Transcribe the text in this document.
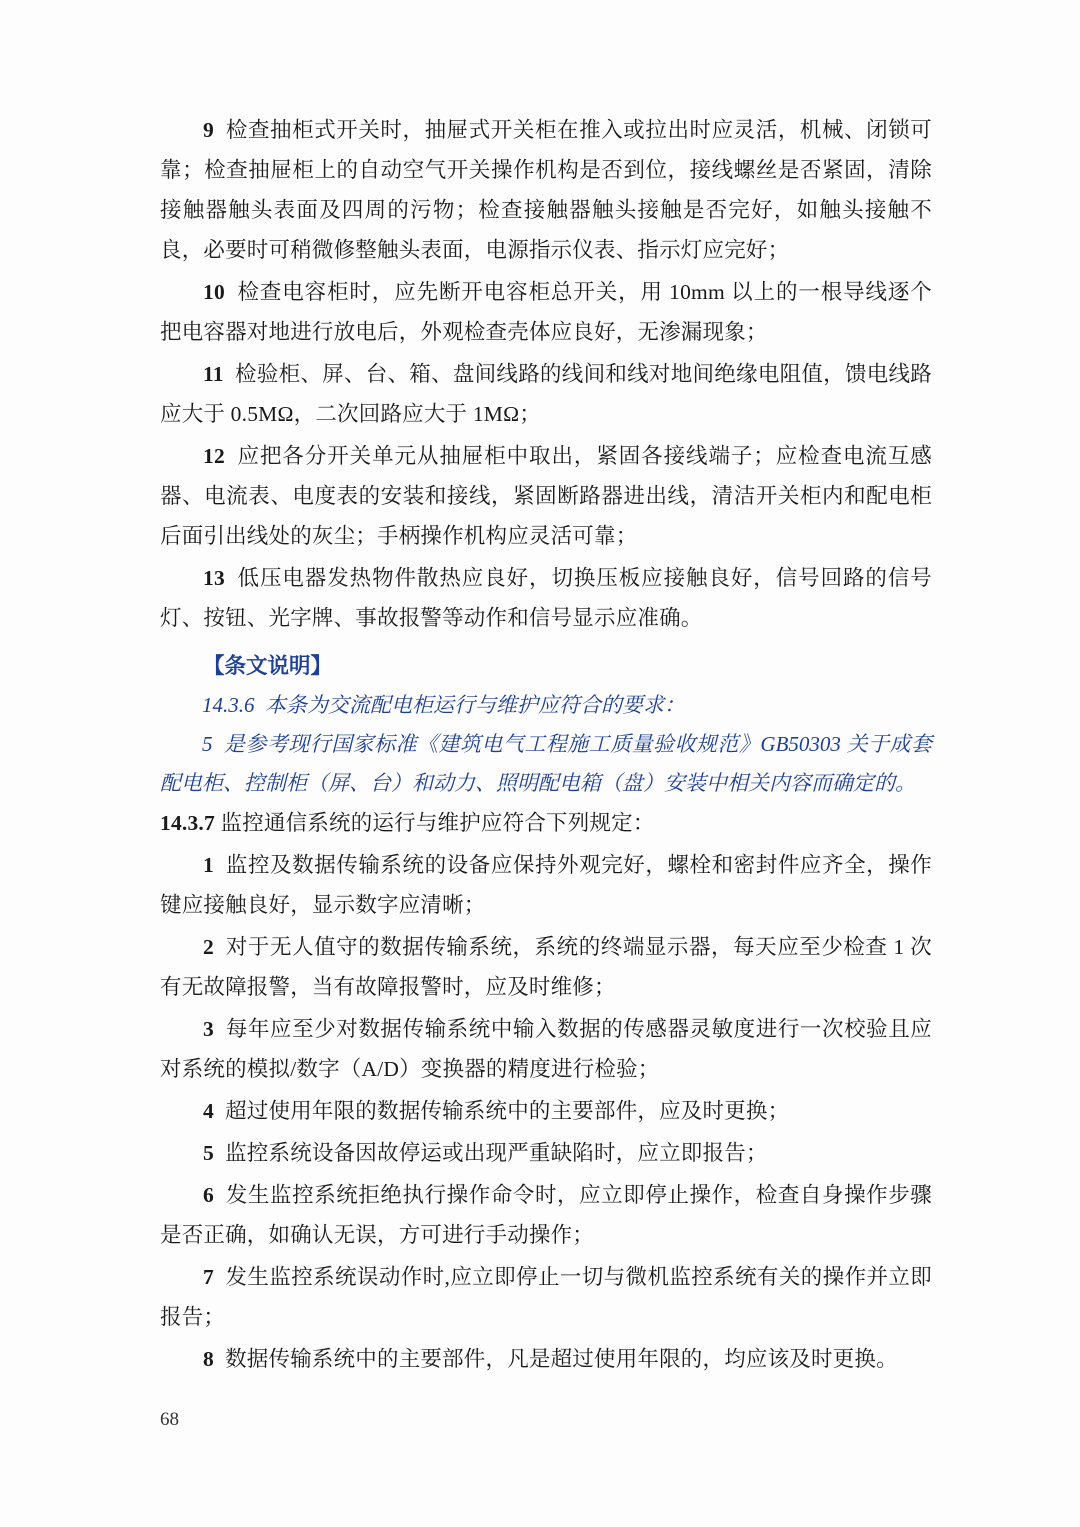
9 检查抽柜式开关时，抽屉式开关柜在推入或拉出时应灵活，机械、闭锁可靠；检查抽屉柜上的自动空气开关操作机构是否到位，接线螺丝是否紧固，清除接触器触头表面及四周的污物；检查接触器触头接触是否完好，如触头接触不良，必要时可稍微修整触头表面，电源指示仪表、指示灯应完好；

10 检查电容柜时，应先断开电容柜总开关，用 10mm 以上的一根导线逐个把电容器对地进行放电后，外观检查壳体应良好，无渗漏现象；

11 检验柜、屏、台、箱、盘间线路的线间和线对地间绝缘电阻值，馈电线路应大于 0.5MΩ，二次回路应大于 1MΩ；

12 应把各分开关单元从抽屉柜中取出，紧固各接线端子；应检查电流互感器、电流表、电度表的安装和接线，紧固断路器进出线，清洁开关柜内和配电柜后面引出线处的灰尘；手柄操作机构应灵活可靠；

13 低压电器发热物件散热应良好，切换压板应接触良好，信号回路的信号灯、按钮、光字牌、事故报警等动作和信号显示应准确。

【条文说明】

14.3.6 本条为交流配电柜运行与维护应符合的要求：

5 是参考现行国家标准《建筑电气工程施工质量验收规范》GB50303 关于成套配电柜、控制柜（屏、台）和动力、照明配电箱（盘）安装中相关内容而确定的。

14.3.7 监控通信系统的运行与维护应符合下列规定：

1 监控及数据传输系统的设备应保持外观完好，螺栓和密封件应齐全，操作键应接触良好，显示数字应清晰；

2 对于无人值守的数据传输系统，系统的终端显示器，每天应至少检查 1 次有无故障报警，当有故障报警时，应及时维修；

3 每年应至少对数据传输系统中输入数据的传感器灵敏度进行一次校验且应对系统的模拟/数字（A/D）变换器的精度进行检验；

4 超过使用年限的数据传输系统中的主要部件，应及时更换；

5 监控系统设备因故停运或出现严重缺陷时，应立即报告；

6 发生监控系统拒绝执行操作命令时，应立即停止操作，检查自身操作步骤是否正确，如确认无误，方可进行手动操作；

7 发生监控系统误动作时,应立即停止一切与微机监控系统有关的操作并立即报告；

8 数据传输系统中的主要部件，凡是超过使用年限的，均应该及时更换。

68
